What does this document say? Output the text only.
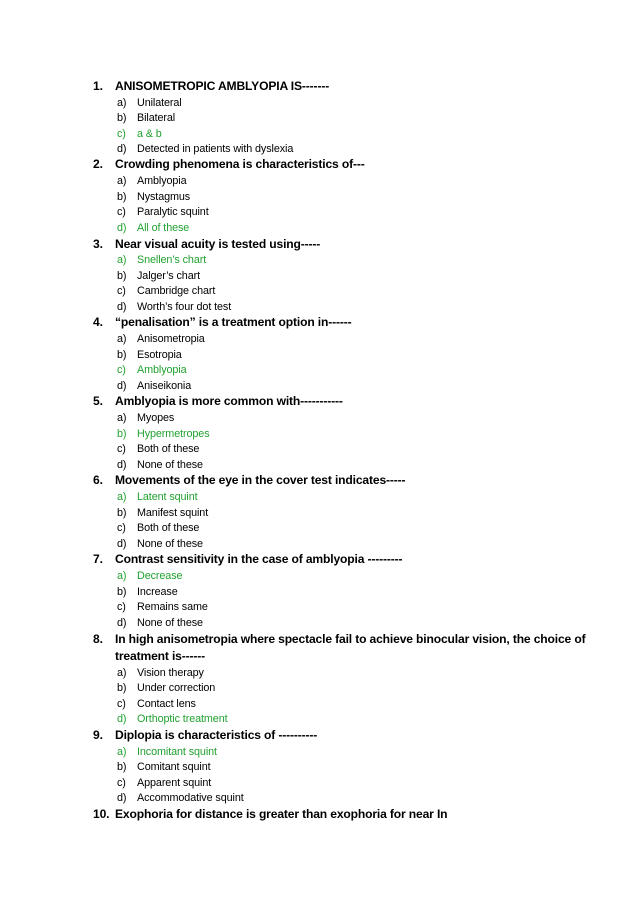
1. ANISOMETROPIC AMBLYOPIA IS-------
a) Unilateral
b) Bilateral
c) a & b
d) Detected in patients with dyslexia
2. Crowding phenomena is characteristics of---
a) Amblyopia
b) Nystagmus
c) Paralytic squint
d) All of these
3. Near visual acuity is tested using-----
a) Snellen’s chart
b) Jalger’s chart
c) Cambridge chart
d) Worth’s four dot test
4. “penalisation” is a treatment option in------
a) Anisometropia
b) Esotropia
c) Amblyopia
d) Aniseikonia
5. Amblyopia is more common with-----------
a) Myopes
b) Hypermetropes
c) Both of these
d) None of these
6. Movements of the eye in the cover test indicates-----
a) Latent squint
b) Manifest squint
c) Both of these
d) None of these
7. Contrast sensitivity in the case of amblyopia ---------
a) Decrease
b) Increase
c) Remains same
d) None of these
8. In high anisometropia where spectacle fail to achieve binocular vision, the choice of treatment is------
a) Vision therapy
b) Under correction
c) Contact lens
d) Orthoptic treatment
9. Diplopia is characteristics of ----------
a) Incomitant squint
b) Comitant squint
c) Apparent squint
d) Accommodative squint
10. Exophoria for distance is greater than exophoria for near In
